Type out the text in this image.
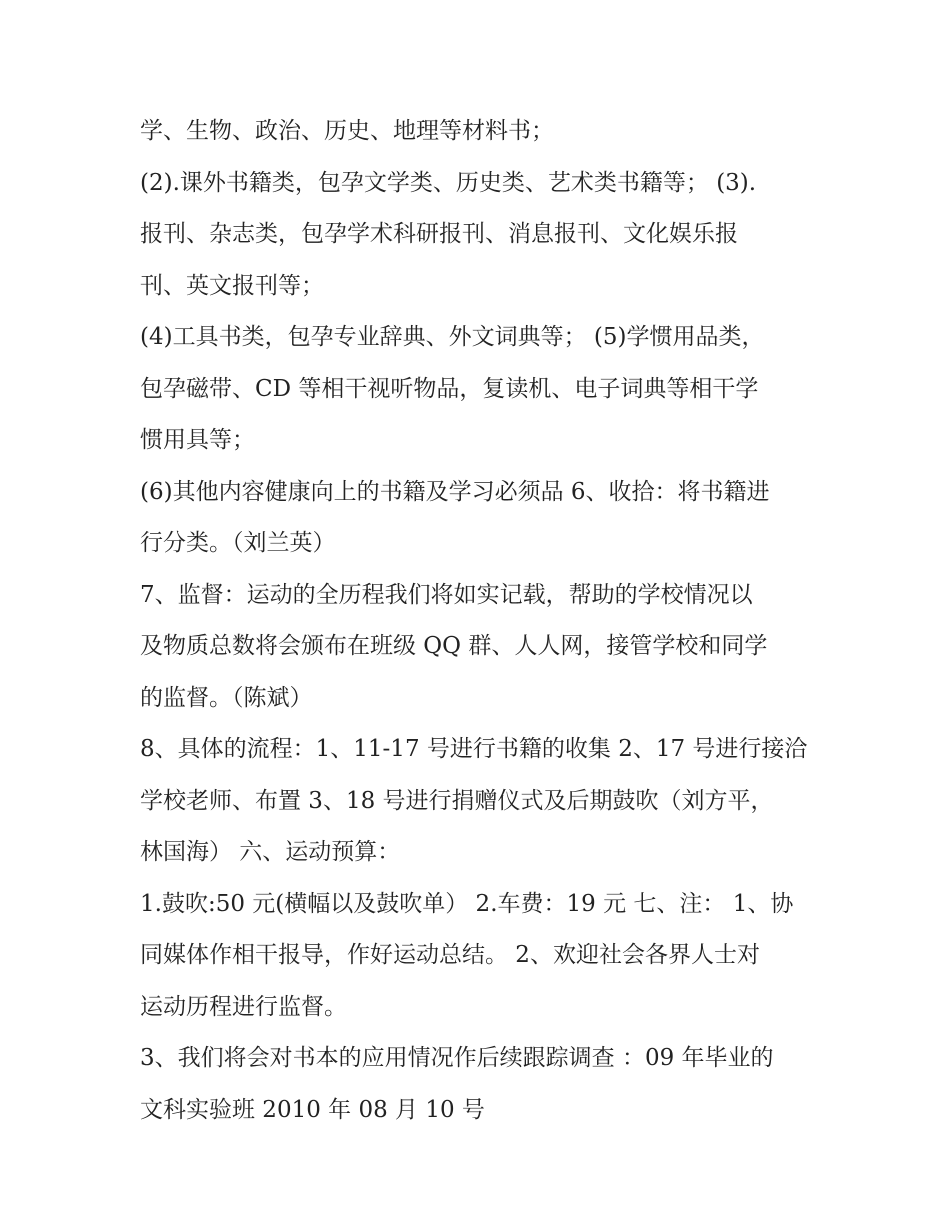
学、生物、政治、历史、地理等材料书；
(2).课外书籍类，包孕文学类、历史类、艺术类书籍等； (3).
报刊、杂志类，包孕学术科研报刊、消息报刊、文化娱乐报
刊、英文报刊等；
(4)工具书类，包孕专业辞典、外文词典等； (5)学惯用品类，
包孕磁带、CD 等相干视听物品，复读机、电子词典等相干学
惯用具等；
(6)其他内容健康向上的书籍及学习必须品 6、收拾：将书籍进
行分类。（刘兰英）
7、监督：运动的全历程我们将如实记载，帮助的学校情况以
及物质总数将会颁布在班级 QQ 群、人人网，接管学校和同学
的监督。（陈斌）
8、具体的流程：1、11-17 号进行书籍的收集 2、17 号进行接洽
学校老师、布置 3、18 号进行捐赠仪式及后期鼓吹（刘方平，
林国海） 六、运动预算：
1.鼓吹:50 元(横幅以及鼓吹单） 2.车费：19 元 七、注： 1、协
同媒体作相干报导，作好运动总结。 2、欢迎社会各界人士对
运动历程进行监督。
3、我们将会对书本的应用情况作后续跟踪调查 ：09 年毕业的
文科实验班 2010 年 08 月 10 号
